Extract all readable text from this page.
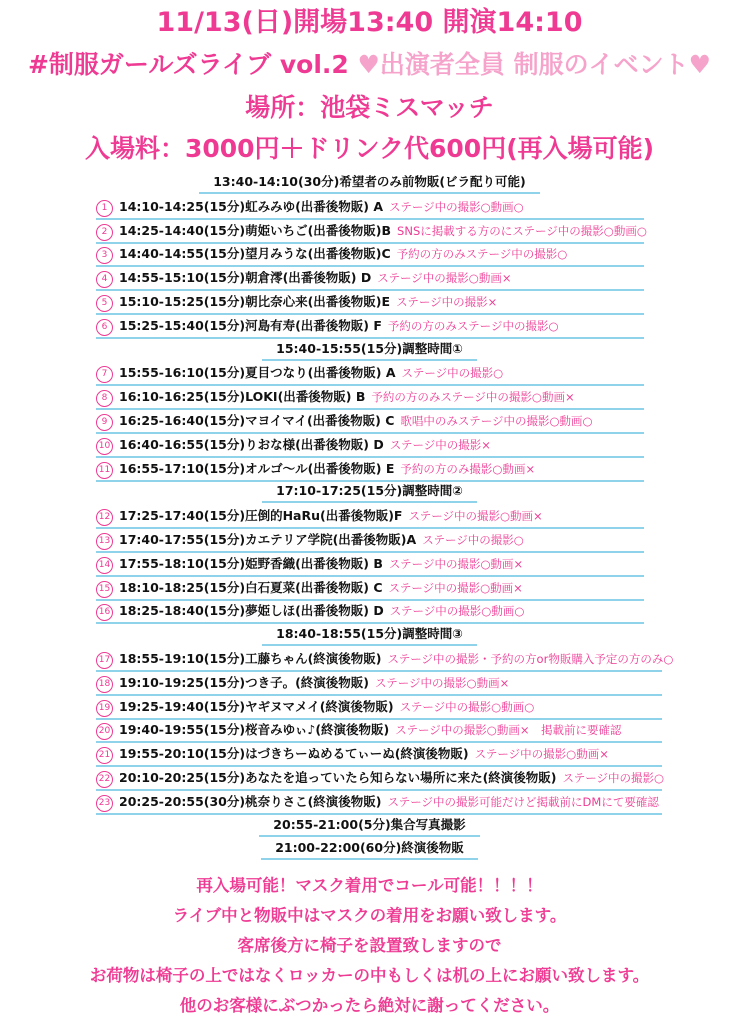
11/13(日)開場13:40 開演14:10
#制服ガールズライブ vol.2 ♥出演者全員 制服のイベント♥
場所：池袋ミスマッチ
入場料：3000円＋ドリンク代600円(再入場可能)
13:40-14:10(30分)希望者のみ前物販(ビラ配り可能)
1 14:10-14:25(15分)虹みみゆ(出番後物販) A ステージ中の撮影○動画○
2 14:25-14:40(15分)萌姫いちご(出番後物販)B SNSに掲載する方のにステージ中の撮影○動画○
3 14:40-14:55(15分)望月みうな(出番後物販)C 予約の方のみステージ中の撮影○
4 14:55-15:10(15分)朝倉澪(出番後物販) D ステージ中の撮影○動画×
5 15:10-15:25(15分)朝比奈心来(出番後物販)E ステージ中の撮影×
6 15:25-15:40(15分)河島有寿(出番後物販) F 予約の方のみステージ中の撮影○
15:40-15:55(15分)調整時間①
7 15:55-16:10(15分)夏目つなり(出番後物販) A ステージ中の撮影○
8 16:10-16:25(15分)LOKI(出番後物販) B 予約の方のみステージ中の撮影○動画×
9 16:25-16:40(15分)マヨイマイ(出番後物販) C 歌唱中のみステージ中の撮影○動画○
10 16:40-16:55(15分)りおな様(出番後物販) D ステージ中の撮影×
11 16:55-17:10(15分)オルゴ～ル(出番後物販) E 予約の方のみ撮影○動画×
17:10-17:25(15分)調整時間②
12 17:25-17:40(15分)圧倒的HaRu(出番後物販)F ステージ中の撮影○動画×
13 17:40-17:55(15分)カエテリア学院(出番後物販)A ステージ中の撮影○
14 17:55-18:10(15分)姫野香織(出番後物販) B ステージ中の撮影○動画×
15 18:10-18:25(15分)白石夏菜(出番後物販) C ステージ中の撮影○動画×
16 18:25-18:40(15分)夢姫しほ(出番後物販) D ステージ中の撮影○動画○
18:40-18:55(15分)調整時間③
17 18:55-19:10(15分)工藤ちゃん(終演後物販) ステージ中の撮影・予約の方or物販購入予定の方のみ○
18 19:10-19:25(15分)つき子。(終演後物販) ステージ中の撮影○動画×
19 19:25-19:40(15分)ヤギヌマメイ(終演後物販) ステージ中の撮影○動画○
20 19:40-19:55(15分)桜音みゆぃ♪(終演後物販) ステージ中の撮影○動画×　掲載前に要確認
21 19:55-20:10(15分)はづきちーぬめるてぃーぬ(終演後物販) ステージ中の撮影○動画×
22 20:10-20:25(15分)あなたを追っていたら知らない場所に来た(終演後物販) ステージ中の撮影○
23 20:25-20:55(30分)桃奈りさこ(終演後物販) ステージ中の撮影可能だけど掲載前にDMにて要確認
20:55-21:00(5分)集合写真撮影
21:00-22:00(60分)終演後物販
再入場可能！マスク着用でコール可能！！！！
ライブ中と物販中はマスクの着用をお願い致します。
客席後方に椅子を設置致しますので
お荷物は椅子の上ではなくロッカーの中もしくは机の上にお願い致します。
他のお客様にぶつかったら絶対に謝ってください。
